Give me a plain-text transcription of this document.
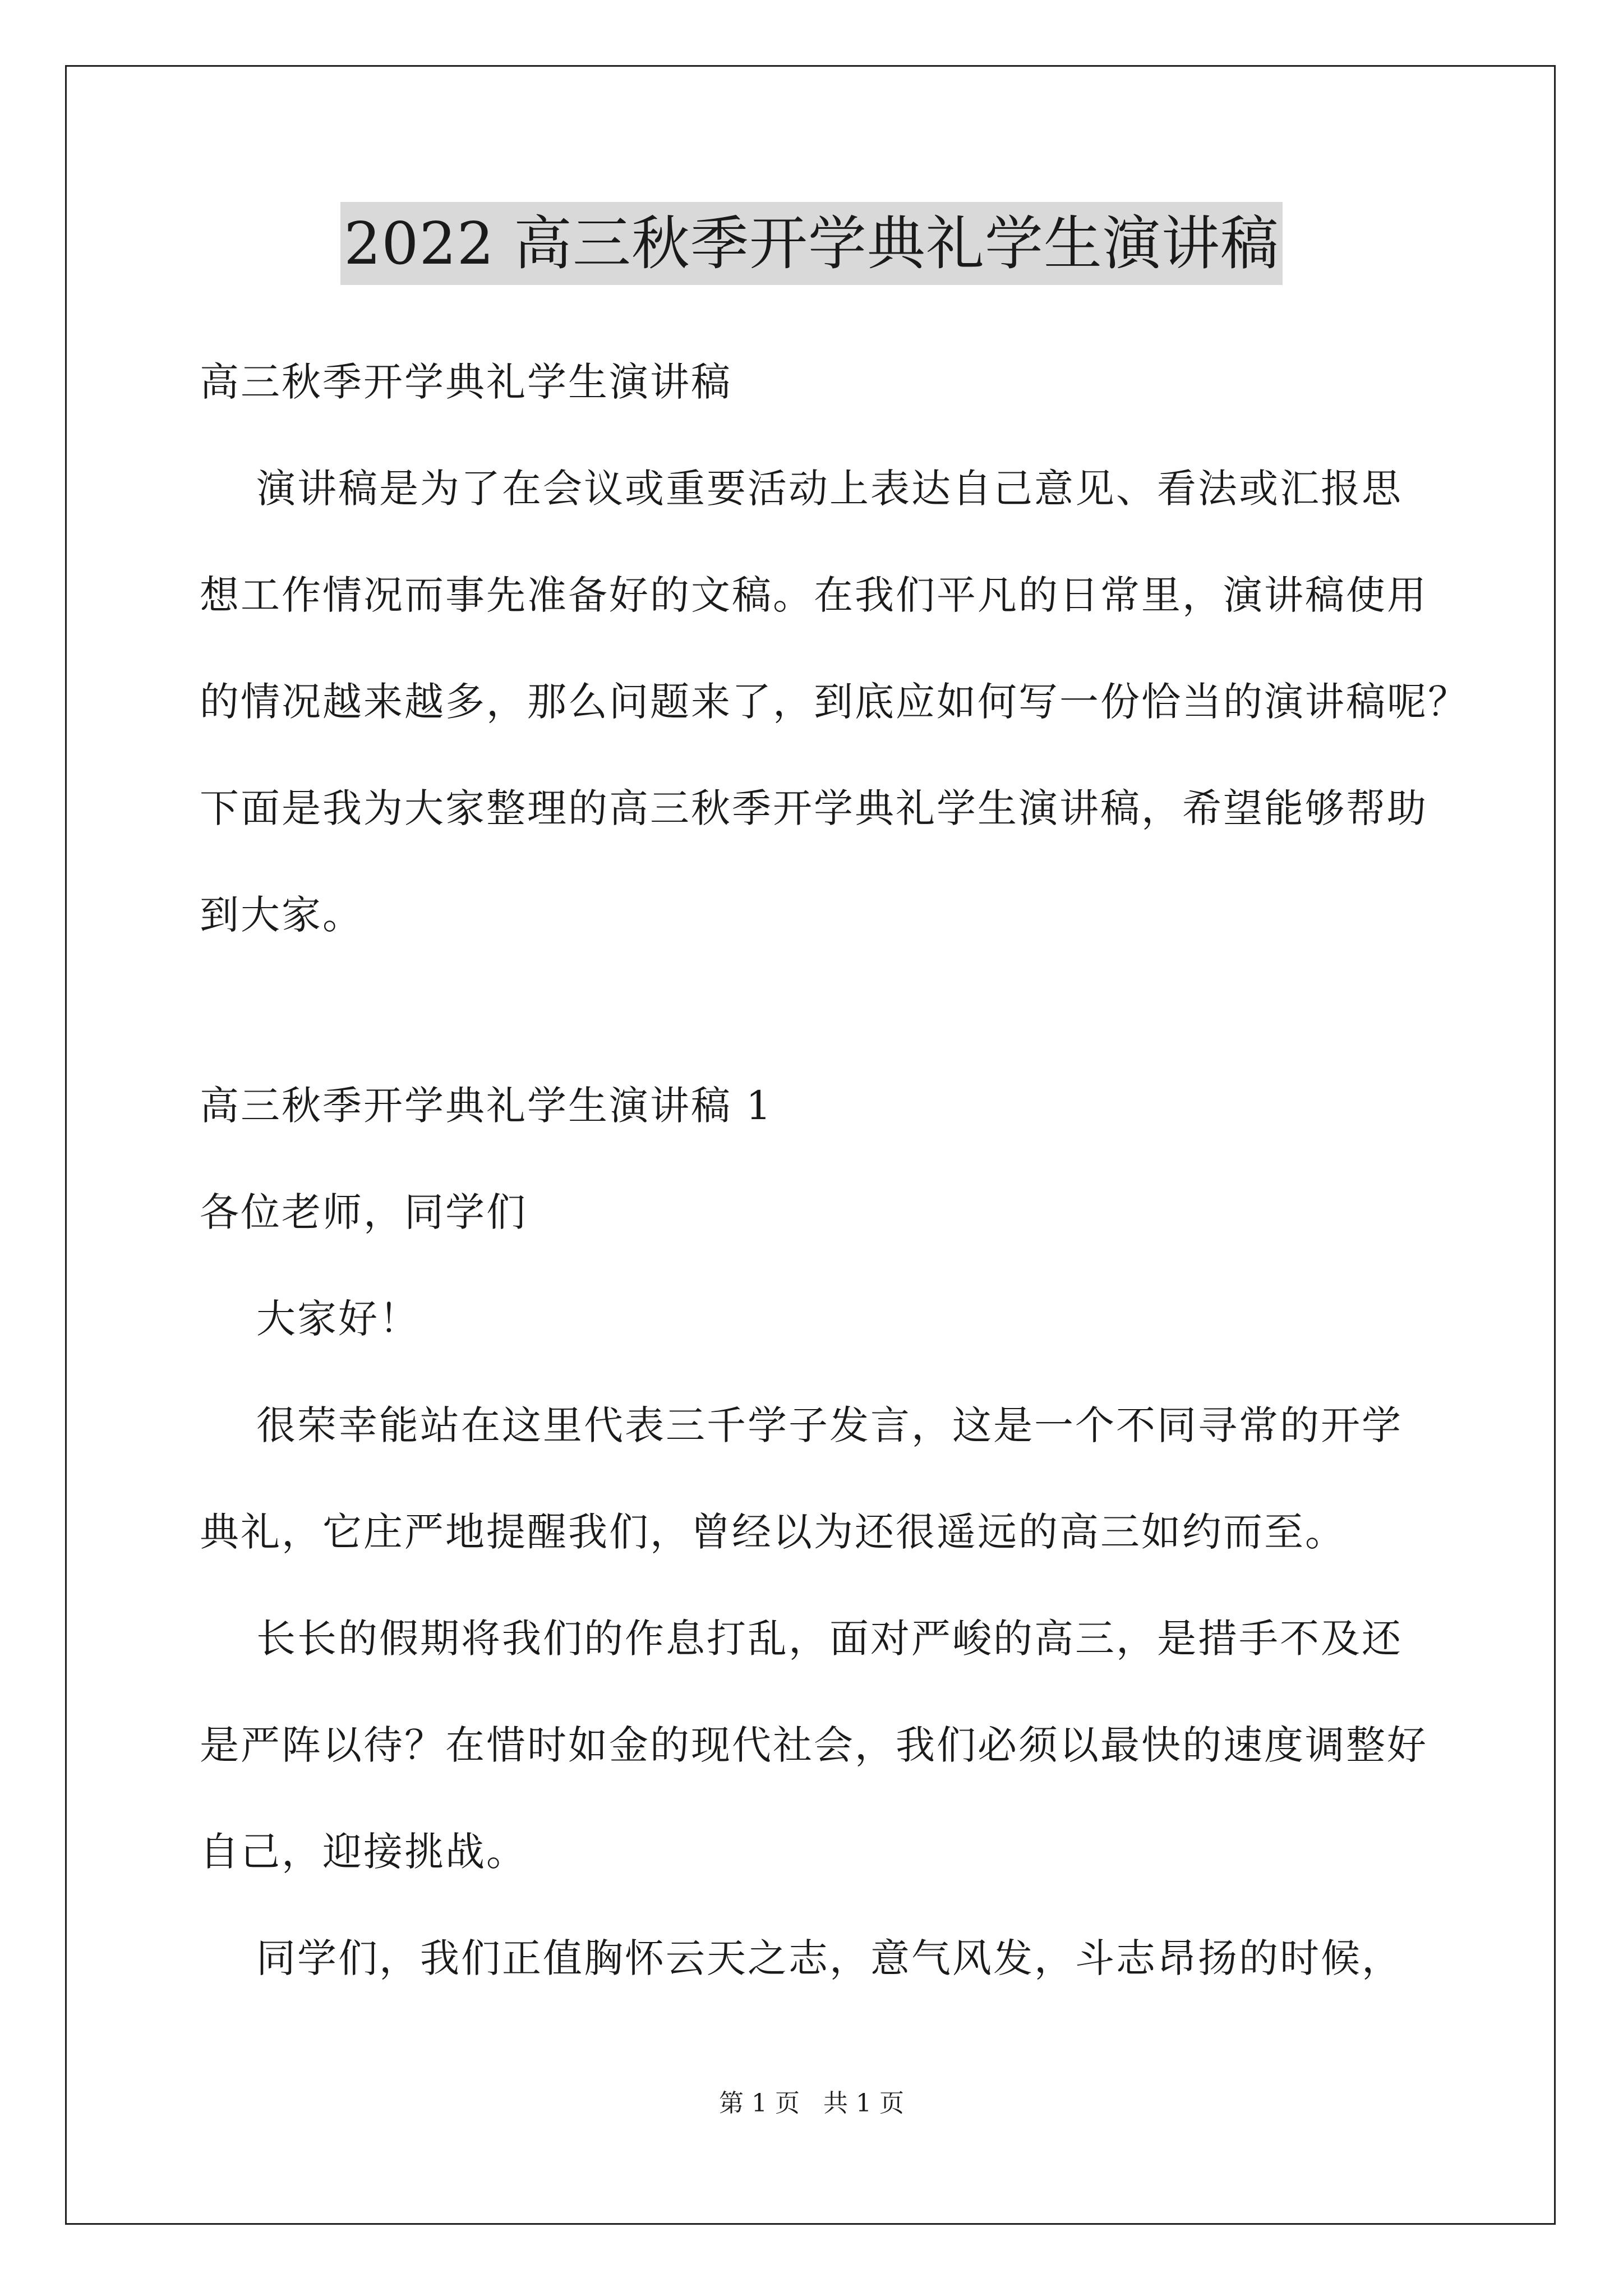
2022 高三秋季开学典礼学生演讲稿

高三秋季开学典礼学生演讲稿

演讲稿是为了在会议或重要活动上表达自己意见、看法或汇报思

想工作情况而事先准备好的文稿。在我们平凡的日常里，演讲稿使用

的情况越来越多，那么问题来了，到底应如何写一份恰当的演讲稿呢？

下面是我为大家整理的高三秋季开学典礼学生演讲稿，希望能够帮助

到大家。

高三秋季开学典礼学生演讲稿 1

各位老师，同学们

大家好！

很荣幸能站在这里代表三千学子发言，这是一个不同寻常的开学

典礼，它庄严地提醒我们，曾经以为还很遥远的高三如约而至。

长长的假期将我们的作息打乱，面对严峻的高三，是措手不及还

是严阵以待？在惜时如金的现代社会，我们必须以最快的速度调整好

自己，迎接挑战。

同学们，我们正值胸怀云天之志，意气风发，斗志昂扬的时候，

第 1 页   共 1 页
